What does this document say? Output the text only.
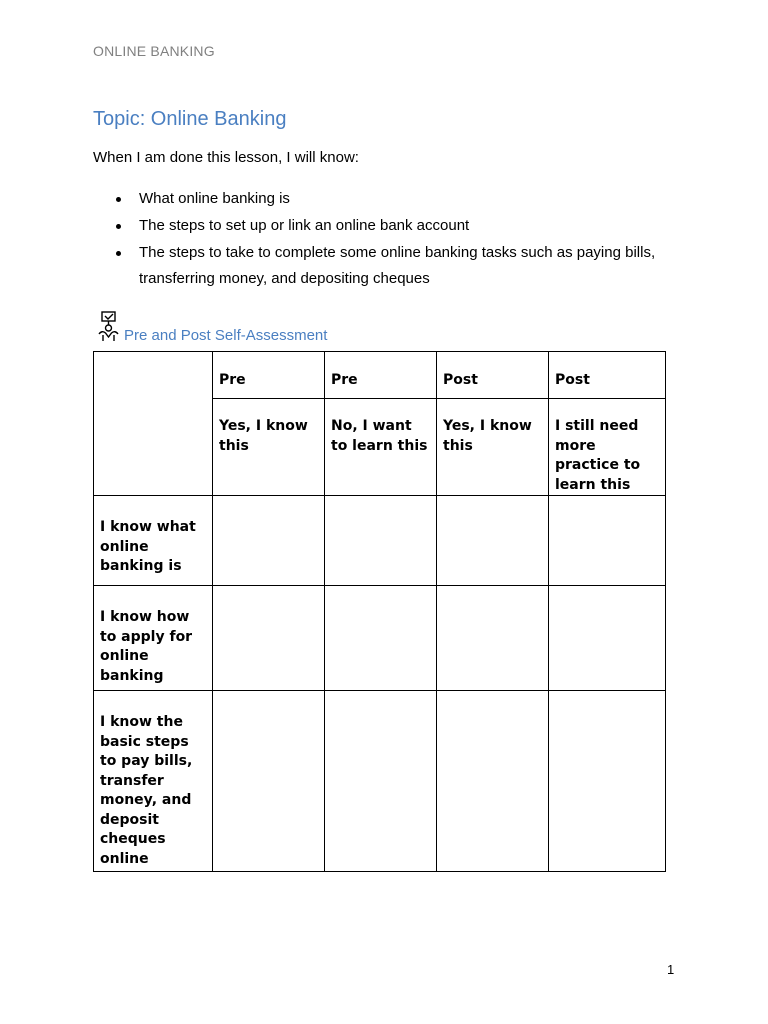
ONLINE BANKING
Topic: Online Banking

When I am done this lesson, I will know:

What online banking is
The steps to set up or link an online bank account
The steps to take to complete some online banking tasks such as paying bills, transferring money, and depositing cheques
Pre and Post Self-Assessment

	Pre	Pre	Post	Post

	Yes, I know this	No, I want to learn this	Yes, I know this	I still need more practice to learn this

I know what online banking is				

I know how to apply for online banking				

I know the basic steps to pay bills, transfer money, and deposit cheques online				

1
